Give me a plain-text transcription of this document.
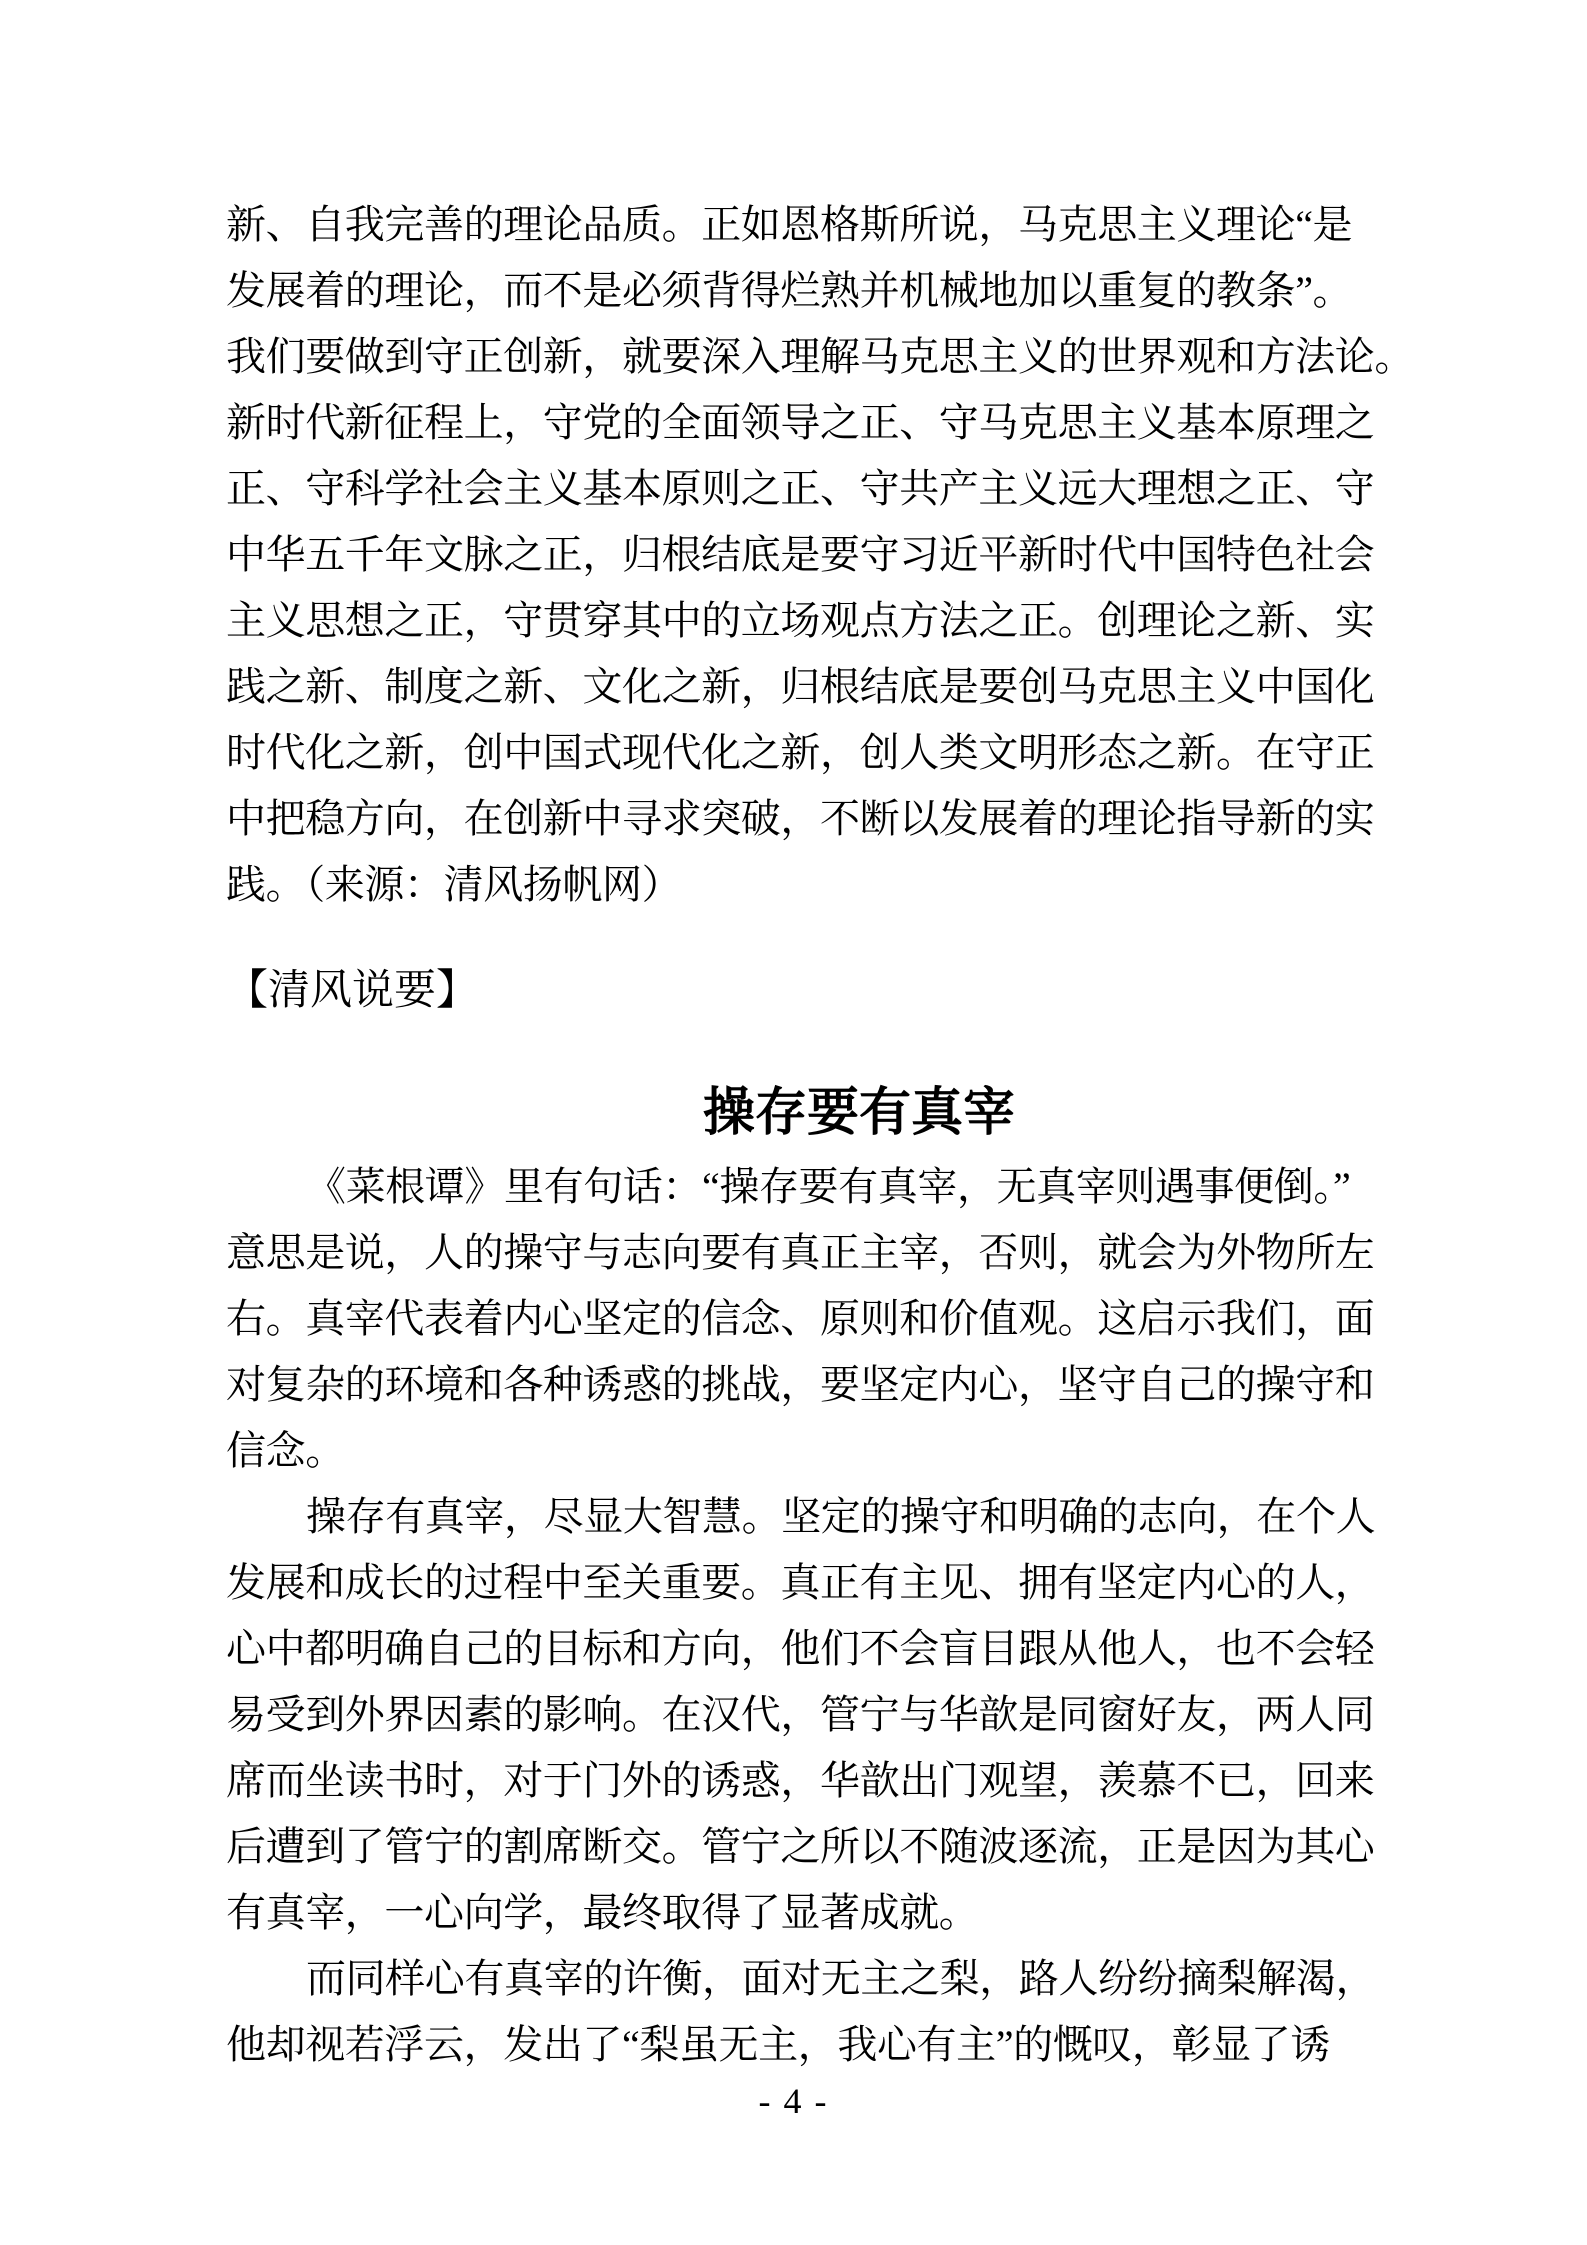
新、自我完善的理论品质。正如恩格斯所说，马克思主义理论“是
发展着的理论，而不是必须背得烂熟并机械地加以重复的教条”。
我们要做到守正创新，就要深入理解马克思主义的世界观和方法论。
新时代新征程上，守党的全面领导之正、守马克思主义基本原理之
正、守科学社会主义基本原则之正、守共产主义远大理想之正、守
中华五千年文脉之正，归根结底是要守习近平新时代中国特色社会
主义思想之正，守贯穿其中的立场观点方法之正。创理论之新、实
践之新、制度之新、文化之新，归根结底是要创马克思主义中国化
时代化之新，创中国式现代化之新，创人类文明形态之新。在守正
中把稳方向，在创新中寻求突破，不断以发展着的理论指导新的实
践。（来源：清风扬帆网）
【清风说要】
操存要有真宰
《菜根谭》里有句话：“操存要有真宰，无真宰则遇事便倒。”
意思是说，人的操守与志向要有真正主宰，否则，就会为外物所左
右。真宰代表着内心坚定的信念、原则和价值观。这启示我们，面
对复杂的环境和各种诱惑的挑战，要坚定内心，坚守自己的操守和
信念。
操存有真宰，尽显大智慧。坚定的操守和明确的志向，在个人
发展和成长的过程中至关重要。真正有主见、拥有坚定内心的人，
心中都明确自己的目标和方向，他们不会盲目跟从他人，也不会轻
易受到外界因素的影响。在汉代，管宁与华歆是同窗好友，两人同
席而坐读书时，对于门外的诱惑，华歆出门观望，羡慕不已，回来
后遭到了管宁的割席断交。管宁之所以不随波逐流，正是因为其心
有真宰，一心向学，最终取得了显著成就。
而同样心有真宰的许衡，面对无主之梨，路人纷纷摘梨解渴，
他却视若浮云，发出了“梨虽无主，我心有主”的慨叹，彰显了诱
- 4 -
